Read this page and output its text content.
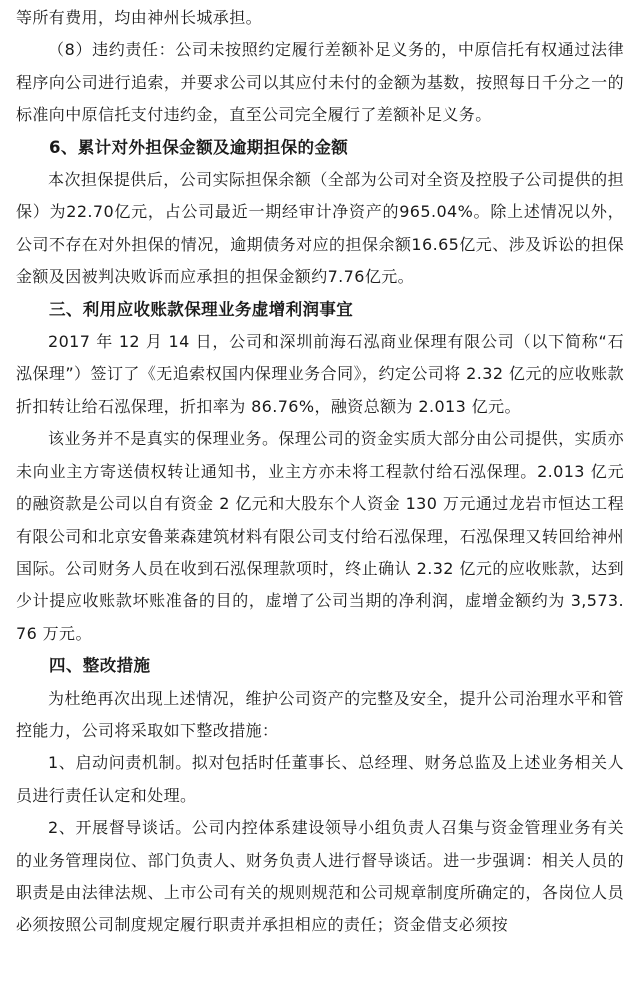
等所有费用，均由神州长城承担。

（8）违约责任：公司未按照约定履行差额补足义务的，中原信托有权通过法律程序向公司进行追索，并要求公司以其应付未付的金额为基数，按照每日千分之一的标准向中原信托支付违约金，直至公司完全履行了差额补足义务。

6、累计对外担保金额及逾期担保的金额

本次担保提供后，公司实际担保余额（全部为公司对全资及控股子公司提供的担保）为22.70亿元，占公司最近一期经审计净资产的965.04%。除上述情况以外，公司不存在对外担保的情况，逾期债务对应的担保余额16.65亿元、涉及诉讼的担保金额及因被判决败诉而应承担的担保金额约7.76亿元。

三、利用应收账款保理业务虚增利润事宜

2017 年 12 月 14 日，公司和深圳前海石泓商业保理有限公司（以下简称“石泓保理”）签订了《无追索权国内保理业务合同》，约定公司将 2.32 亿元的应收账款折扣转让给石泓保理，折扣率为 86.76%，融资总额为 2.013 亿元。

该业务并不是真实的保理业务。保理公司的资金实质大部分由公司提供，实质亦未向业主方寄送债权转让通知书，业主方亦未将工程款付给石泓保理。2.013 亿元的融资款是公司以自有资金 2 亿元和大股东个人资金 130 万元通过龙岩市恒达工程有限公司和北京安鲁莱森建筑材料有限公司支付给石泓保理，石泓保理又转回给神州国际。公司财务人员在收到石泓保理款项时，终止确认 2.32 亿元的应收账款，达到少计提应收账款坏账准备的目的，虚增了公司当期的净利润，虚增金额约为 3,573.76 万元。

四、整改措施

为杜绝再次出现上述情况，维护公司资产的完整及安全，提升公司治理水平和管控能力，公司将采取如下整改措施：

1、启动问责机制。拟对包括时任董事长、总经理、财务总监及上述业务相关人员进行责任认定和处理。

2、开展督导谈话。公司内控体系建设领导小组负责人召集与资金管理业务有关的业务管理岗位、部门负责人、财务负责人进行督导谈话。进一步强调：相关人员的职责是由法律法规、上市公司有关的规则规范和公司规章制度所确定的，各岗位人员必须按照公司制度规定履行职责并承担相应的责任；资金借支必须按
